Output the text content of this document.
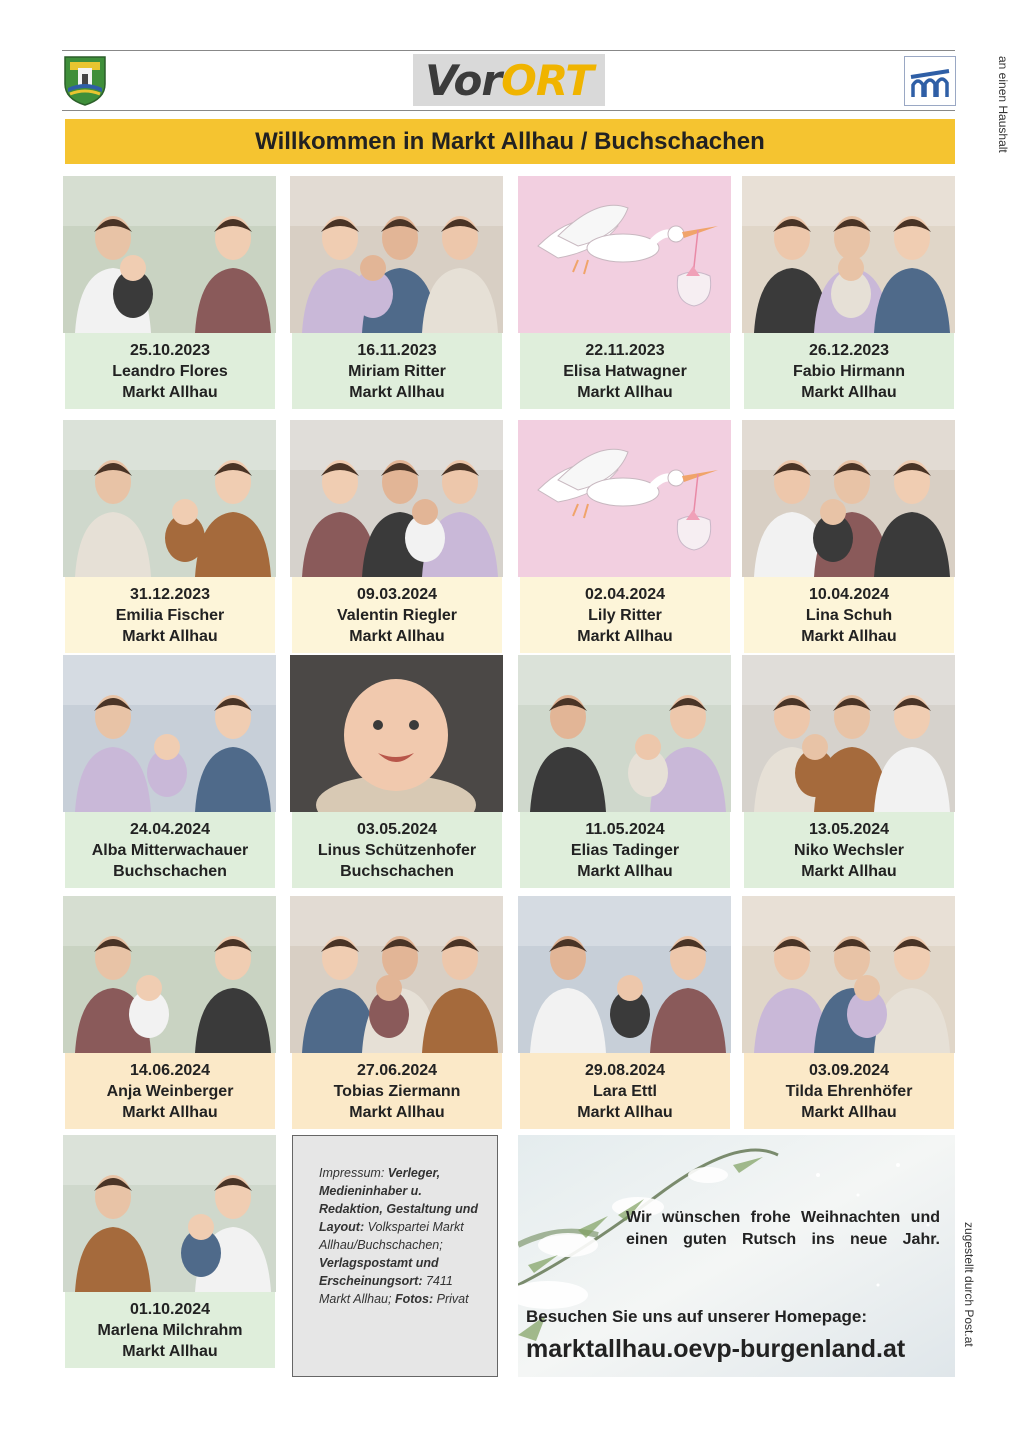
Vor ORT	an einen Haushalt
zugestellt durch Post.at
Willkommen in Markt Allhau / Buchschachen
25.10.2023
Leandro Flores
Markt Allhau
16.11.2023
Miriam Ritter
Markt Allhau
22.11.2023
Elisa Hatwagner
Markt Allhau
26.12.2023
Fabio Hirmann
Markt Allhau
31.12.2023
Emilia Fischer
Markt Allhau
09.03.2024
Valentin Riegler
Markt Allhau
02.04.2024
Lily Ritter
Markt Allhau
10.04.2024
Lina Schuh
Markt Allhau
24.04.2024
Alba Mitterwachauer
Buchschachen
03.05.2024
Linus Schützenhofer
Buchschachen
11.05.2024
Elias Tadinger
Markt Allhau
13.05.2024
Niko Wechsler
Markt Allhau
14.06.2024
Anja Weinberger
Markt Allhau
27.06.2024
Tobias Ziermann
Markt Allhau
29.08.2024
Lara Ettl
Markt Allhau
03.09.2024
Tilda Ehrenhöfer
Markt Allhau
01.10.2024
Marlena Milchrahm
Markt Allhau
Impressum: Verleger, Medieninhaber u. Redaktion, Gestaltung und Layout: Volkspartei Markt Allhau/Buchschachen; Verlagspostamt und Erscheinungsort: 7411 Markt Allhau; Fotos: Privat
Wir wünschen frohe Weihnachten und einen guten Rutsch ins neue Jahr.
Besuchen Sie uns auf unserer Homepage:
marktallhau.oevp-burgenland.at
